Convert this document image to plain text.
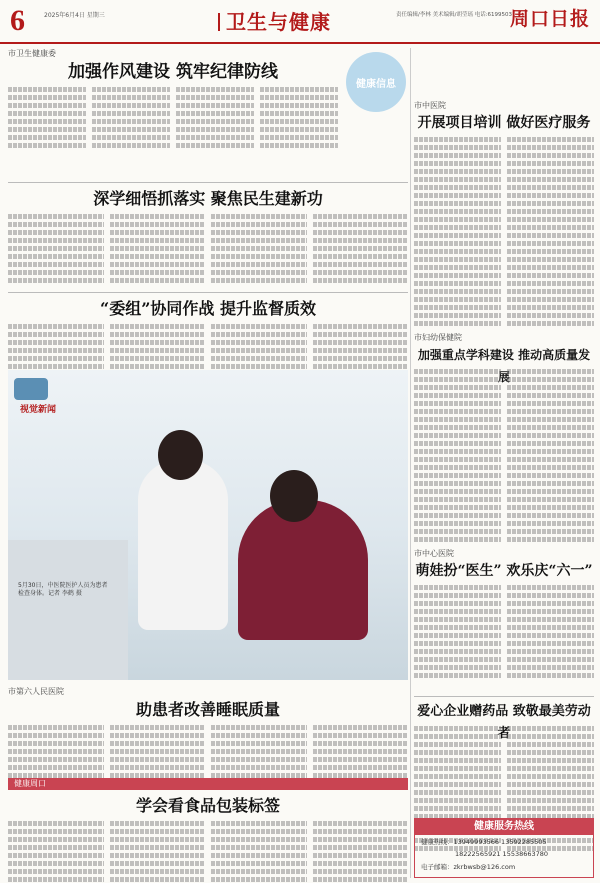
6	2025年6月4日 星期三	卫生与健康	责任编辑/李林 美术编辑/胡莹瑶 电话:6199503
周口日报
市卫生健康委
加强作风建设 筑牢纪律防线
健康信息
深学细悟抓落实 聚焦民生建新功
“委组”协同作战 提升监督质效
视觉新闻
5月30日，中医院医护人员为患者检查身体。记者 李鹤 摄
市第六人民医院
助患者改善睡眠质量
健康周口
学会看食品包装标签
市中医院
开展项目培训 做好医疗服务
市妇幼保健院
加强重点学科建设 推动高质量发展
市中心医院
萌娃扮“医生” 欢乐庆“六一”
爱心企业赠药品 致敬最美劳动者
健康服务热线
健康热线：13949993566 13592285505
18222565921 15538663780
电子邮箱：zkrbwsb@126.com
